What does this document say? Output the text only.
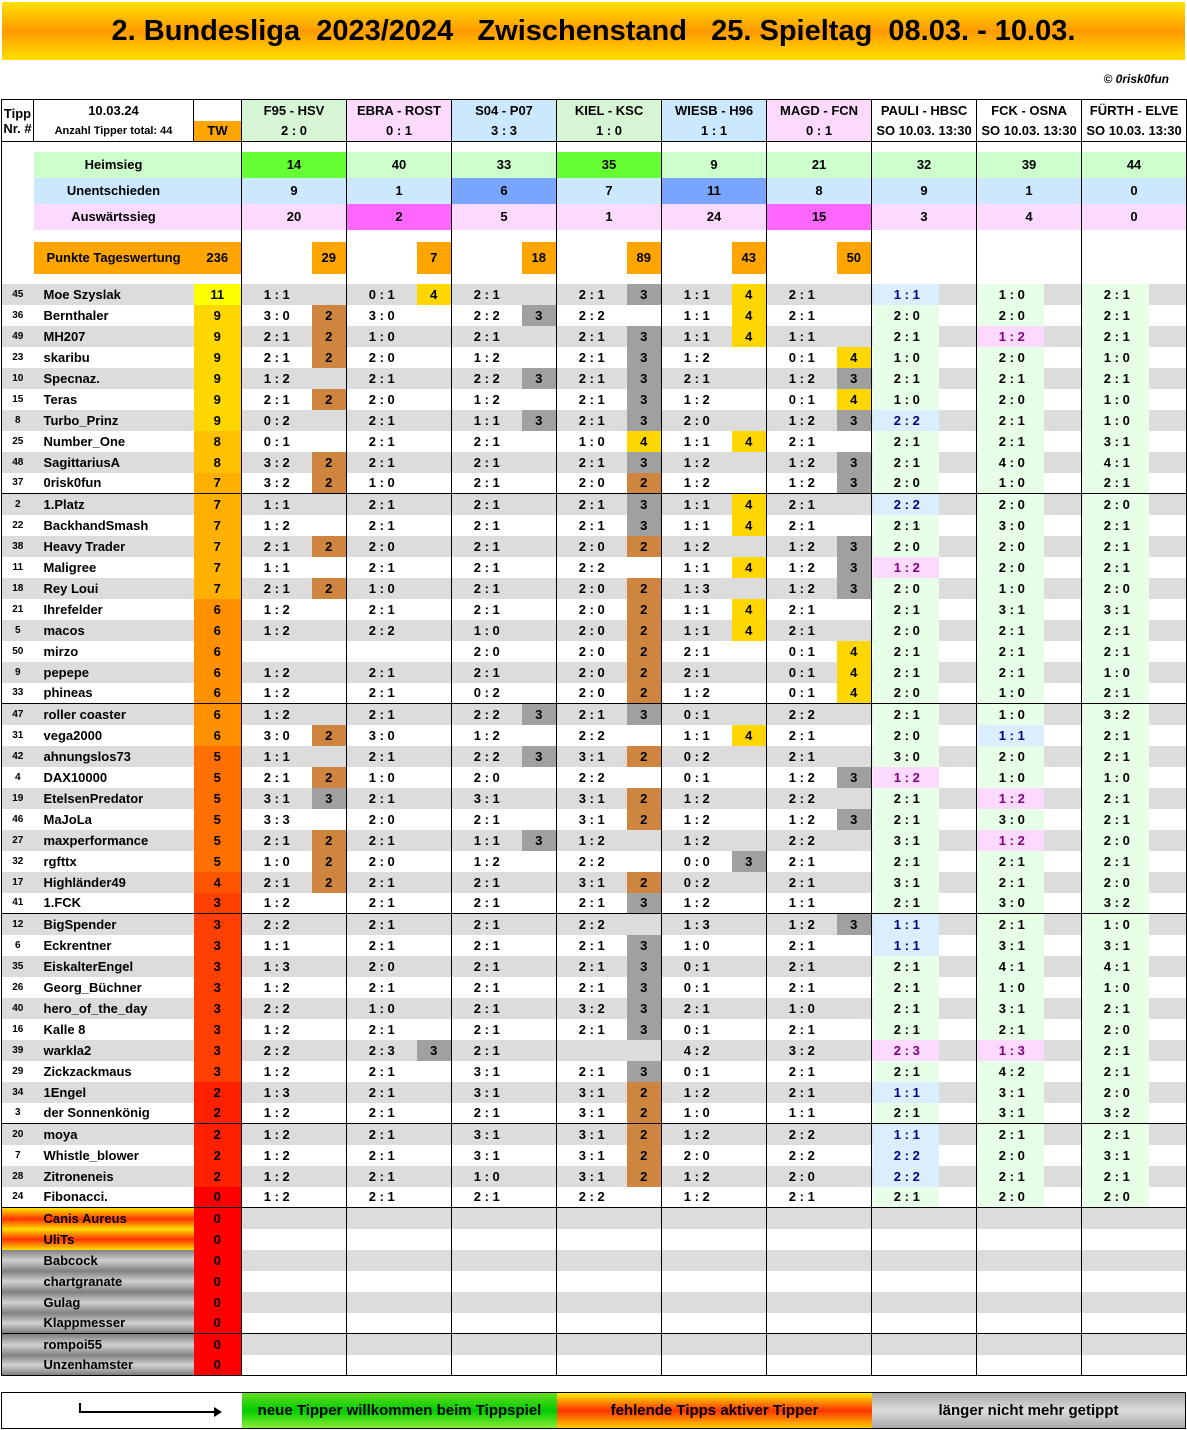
2. Bundesliga  2023/2024   Zwischenstand   25. Spieltag  08.03. - 10.03.
© 0risk0fun
Tipp	10.03.24		F95 - HSV		EBRA - ROST		S04 - P07		KIEL - KSC		WIESB - H96		MAGD - FCN		PAULI - HBSC		FCK - OSNA		FÜRTH - ELVE	
Nr. #	Anzahl Tipper total: 44	TW	2 : 0		0 : 1		3 : 3		1 : 0		1 : 1		0 : 1		SO 10.03. 13:30		SO 10.03. 13:30		SO 10.03. 13:30	

	Heimsieg		14		40		33		35		9		21		32		39		44	
	Unentschieden		9		1		6		7		11		8		9		1		0	
	Auswärtssieg		20		2		5		1		24		15		3		4		0	

	Punkte Tageswertung	236		29		7		18		89		43		50						

45	Moe Szyslak	11	1 : 1		0 : 1	4	2 : 1		2 : 1	3	1 : 1	4	2 : 1		1 : 1		1 : 0		2 : 1	
36	Bernthaler	9	3 : 0	2	3 : 0		2 : 2	3	2 : 2		1 : 1	4	2 : 1		2 : 0		2 : 0		2 : 1	
49	MH207	9	2 : 1	2	1 : 0		2 : 1		2 : 1	3	1 : 1	4	1 : 1		2 : 1		1 : 2		2 : 1	
23	skaribu	9	2 : 1	2	2 : 0		1 : 2		2 : 1	3	1 : 2		0 : 1	4	1 : 0		2 : 0		1 : 0	
10	Specnaz.	9	1 : 2		2 : 1		2 : 2	3	2 : 1	3	2 : 1		1 : 2	3	2 : 1		2 : 1		2 : 1	
15	Teras	9	2 : 1	2	2 : 0		1 : 2		2 : 1	3	1 : 2		0 : 1	4	1 : 0		2 : 0		1 : 0	
8	Turbo_Prinz	9	0 : 2		2 : 1		1 : 1	3	2 : 1	3	2 : 0		1 : 2	3	2 : 2		2 : 1		1 : 0	
25	Number_One	8	0 : 1		2 : 1		2 : 1		1 : 0	4	1 : 1	4	2 : 1		2 : 1		2 : 1		3 : 1	
48	SagittariusA	8	3 : 2	2	2 : 1		2 : 1		2 : 1	3	1 : 2		1 : 2	3	2 : 1		4 : 0		4 : 1	
37	0risk0fun	7	3 : 2	2	1 : 0		2 : 1		2 : 0	2	1 : 2		1 : 2	3	2 : 0		1 : 0		2 : 1	
2	1.Platz	7	1 : 1		2 : 1		2 : 1		2 : 1	3	1 : 1	4	2 : 1		2 : 2		2 : 0		2 : 0	
22	BackhandSmash	7	1 : 2		2 : 1		2 : 1		2 : 1	3	1 : 1	4	2 : 1		2 : 1		3 : 0		2 : 1	
38	Heavy Trader	7	2 : 1	2	2 : 0		2 : 1		2 : 0	2	1 : 2		1 : 2	3	2 : 0		2 : 0		2 : 1	
11	Maligree	7	1 : 1		2 : 1		2 : 1		2 : 2		1 : 1	4	1 : 2	3	1 : 2		2 : 0		2 : 1	
18	Rey Loui	7	2 : 1	2	1 : 0		2 : 1		2 : 0	2	1 : 3		1 : 2	3	2 : 0		1 : 0		2 : 0	
21	Ihrefelder	6	1 : 2		2 : 1		2 : 1		2 : 0	2	1 : 1	4	2 : 1		2 : 1		3 : 1		3 : 1	
5	macos	6	1 : 2		2 : 2		1 : 0		2 : 0	2	1 : 1	4	2 : 1		2 : 0		2 : 1		2 : 1	
50	mirzo	6					2 : 0		2 : 0	2	2 : 1		0 : 1	4	2 : 1		2 : 1		2 : 1	
9	pepepe	6	1 : 2		2 : 1		2 : 1		2 : 0	2	2 : 1		0 : 1	4	2 : 1		2 : 1		1 : 0	
33	phineas	6	1 : 2		2 : 1		0 : 2		2 : 0	2	1 : 2		0 : 1	4	2 : 0		1 : 0		2 : 1	
47	roller coaster	6	1 : 2		2 : 1		2 : 2	3	2 : 1	3	0 : 1		2 : 2		2 : 1		1 : 0		3 : 2	
31	vega2000	6	3 : 0	2	3 : 0		1 : 2		2 : 2		1 : 1	4	2 : 1		2 : 0		1 : 1		2 : 1	
42	ahnungslos73	5	1 : 1		2 : 1		2 : 2	3	3 : 1	2	0 : 2		2 : 1		3 : 0		2 : 0		2 : 1	
4	DAX10000	5	2 : 1	2	1 : 0		2 : 0		2 : 2		0 : 1		1 : 2	3	1 : 2		1 : 0		1 : 0	
19	EtelsenPredator	5	3 : 1	3	2 : 1		3 : 1		3 : 1	2	1 : 2		2 : 2		2 : 1		1 : 2		2 : 1	
46	MaJoLa	5	3 : 3		2 : 0		2 : 1		3 : 1	2	1 : 2		1 : 2	3	2 : 1		3 : 0		2 : 1	
27	maxperformance	5	2 : 1	2	2 : 1		1 : 1	3	1 : 2		1 : 2		2 : 2		3 : 1		1 : 2		2 : 0	
32	rgfttx	5	1 : 0	2	2 : 0		1 : 2		2 : 2		0 : 0	3	2 : 1		2 : 1		2 : 1		2 : 1	
17	Highländer49	4	2 : 1	2	2 : 1		2 : 1		3 : 1	2	0 : 2		2 : 1		3 : 1		2 : 1		2 : 0	
41	1.FCK	3	1 : 2		2 : 1		2 : 1		2 : 1	3	1 : 2		1 : 1		2 : 1		3 : 0		3 : 2	
12	BigSpender	3	2 : 2		2 : 1		2 : 1		2 : 2		1 : 3		1 : 2	3	1 : 1		2 : 1		1 : 0	
6	Eckrentner	3	1 : 1		2 : 1		2 : 1		2 : 1	3	1 : 0		2 : 1		1 : 1		3 : 1		3 : 1	
35	EiskalterEngel	3	1 : 3		2 : 0		2 : 1		2 : 1	3	0 : 1		2 : 1		2 : 1		4 : 1		4 : 1	
26	Georg_Büchner	3	1 : 2		2 : 1		2 : 1		2 : 1	3	0 : 1		2 : 1		2 : 1		1 : 0		1 : 0	
40	hero_of_the_day	3	2 : 2		1 : 0		2 : 1		3 : 2	3	2 : 1		1 : 0		2 : 1		3 : 1		2 : 1	
16	Kalle 8	3	1 : 2		2 : 1		2 : 1		2 : 1	3	0 : 1		2 : 1		2 : 1		2 : 1		2 : 0	
39	warkla2	3	2 : 2		2 : 3	3	2 : 1				4 : 2		3 : 2		2 : 3		1 : 3		2 : 1	
29	Zickzackmaus	3	1 : 2		2 : 1		3 : 1		2 : 1	3	0 : 1		2 : 1		2 : 1		4 : 2		2 : 1	
34	1Engel	2	1 : 3		2 : 1		3 : 1		3 : 1	2	1 : 2		2 : 1		1 : 1		3 : 1		2 : 0	
3	der Sonnenkönig	2	1 : 2		2 : 1		2 : 1		3 : 1	2	1 : 0		1 : 1		2 : 1		3 : 1		3 : 2	
20	moya	2	1 : 2		2 : 1		3 : 1		3 : 1	2	1 : 2		2 : 2		1 : 1		2 : 1		2 : 1	
7	Whistle_blower	2	1 : 2		2 : 1		3 : 1		3 : 1	2	2 : 0		2 : 2		2 : 2		2 : 0		3 : 1	
28	Zitroneneis	2	1 : 2		2 : 1		1 : 0		3 : 1	2	1 : 2		2 : 0		2 : 2		2 : 1		2 : 1	
24	Fibonacci.	0	1 : 2		2 : 1		2 : 1		2 : 2		1 : 2		2 : 1		2 : 1		2 : 0		2 : 0	
	Canis Aureus	0																		
	UliTs	0																		
	Babcock	0																		
	chartgranate	0																		
	Gulag	0																		
	Klappmesser	0																		
	rompoi55	0																		
	Unzenhamster	0																		
neue Tipper willkommen beim Tippspiel	fehlende Tipps aktiver Tipper	länger nicht mehr getippt
